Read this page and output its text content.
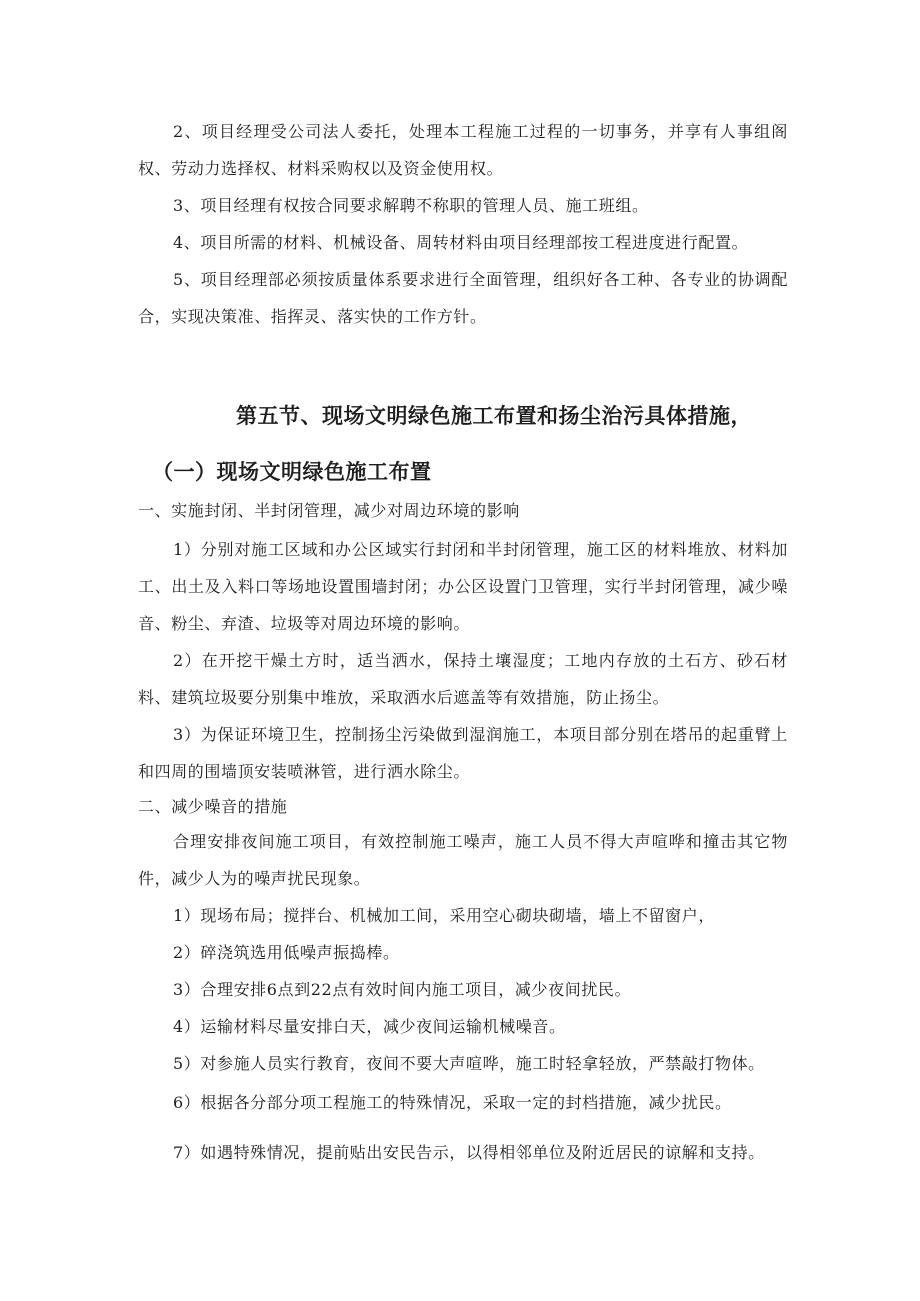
2、项目经理受公司法人委托，处理本工程施工过程的一切事务，并享有人事组阁权、劳动力选择权、材料采购权以及资金使用权。

3、项目经理有权按合同要求解聘不称职的管理人员、施工班组。

4、项目所需的材料、机械设备、周转材料由项目经理部按工程进度进行配置。

5、项目经理部必须按质量体系要求进行全面管理，组织好各工种、各专业的协调配合，实现决策准、指挥灵、落实快的工作方针。

第五节、现场文明绿色施工布置和扬尘治污具体措施，
（一）现场文明绿色施工布置

一、实施封闭、半封闭管理，减少对周边环境的影响

1）分别对施工区域和办公区域实行封闭和半封闭管理，施工区的材料堆放、材料加工、出土及入料口等场地设置围墙封闭；办公区设置门卫管理，实行半封闭管理，减少噪音、粉尘、弃渣、垃圾等对周边环境的影响。

2）在开挖干燥土方时，适当洒水，保持土壤湿度；工地内存放的土石方、砂石材料、建筑垃圾要分别集中堆放，采取洒水后遮盖等有效措施，防止扬尘。

3）为保证环境卫生，控制扬尘污染做到湿润施工，本项目部分别在塔吊的起重臂上和四周的围墙顶安装喷淋管，进行洒水除尘。

二、减少噪音的措施

合理安排夜间施工项目，有效控制施工噪声，施工人员不得大声喧哗和撞击其它物件，减少人为的噪声扰民现象。

1）现场布局；搅拌台、机械加工间，采用空心砌块砌墙，墙上不留窗户，

2）碎浇筑选用低噪声振捣棒。

3）合理安排6点到22点有效时间内施工项目，减少夜间扰民。

4）运输材料尽量安排白天，减少夜间运输机械噪音。

5）对参施人员实行教育，夜间不要大声喧哗，施工时轻拿轻放，严禁敲打物体。

6）根据各分部分项工程施工的特殊情况，采取一定的封档措施，减少扰民。

7）如遇特殊情况，提前贴出安民告示，以得相邻单位及附近居民的谅解和支持。
